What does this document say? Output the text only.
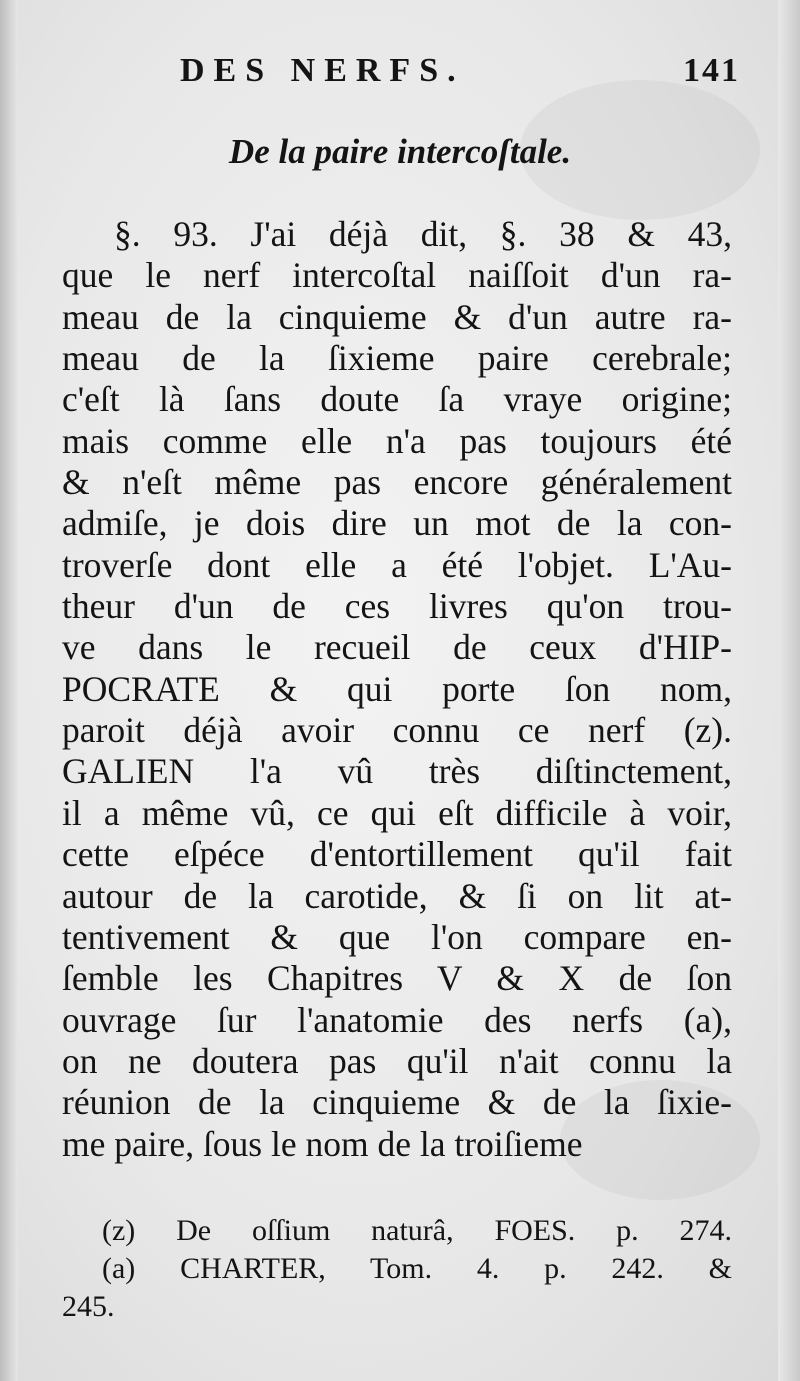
DES NERFS.	141
De la paire intercoſtale.
§. 93. J'ai déjà dit, §. 38 & 43,
que le nerf intercoſtal naiſſoit d'un ra-
meau de la cinquieme & d'un autre ra-
meau de la ſixieme paire cerebrale;
c'eſt là ſans doute ſa vraye origine;
mais comme elle n'a pas toujours été
& n'eſt même pas encore généralement
admiſe, je dois dire un mot de la con-
troverſe dont elle a été l'objet. L'Au-
theur d'un de ces livres qu'on trou-
ve dans le recueil de ceux d'HIP-
POCRATE & qui porte ſon nom,
paroit déjà avoir connu ce nerf (z).
GALIEN l'a vû très diſtinctement,
il a même vû, ce qui eſt difficile à voir,
cette eſpéce d'entortillement qu'il fait
autour de la carotide, & ſi on lit at-
tentivement & que l'on compare en-
ſemble les Chapitres V & X de ſon
ouvrage ſur l'anatomie des nerfs (a),
on ne doutera pas qu'il n'ait connu la
réunion de la cinquieme & de la ſixie-
me paire, ſous le nom de la troiſieme
(z) De oſſium naturâ, FOES. p. 274.
(a) CHARTER, Tom. 4. p. 242. &
245.
